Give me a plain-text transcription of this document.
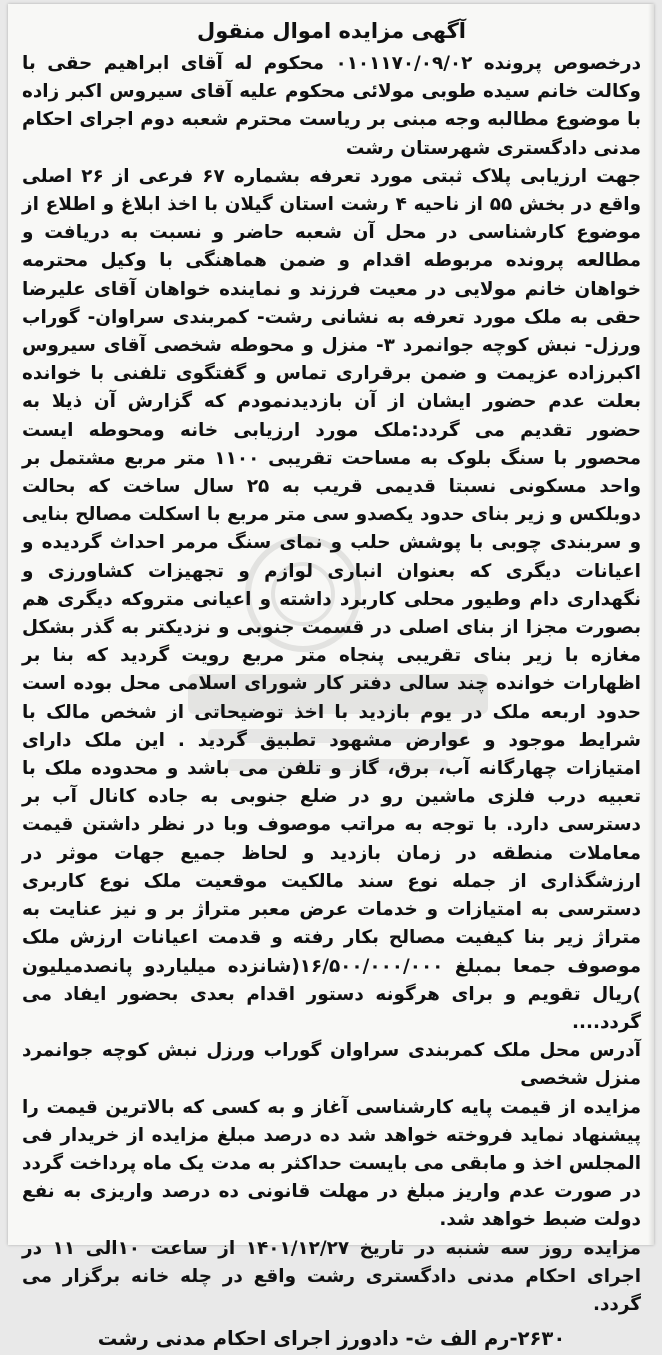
آگهی مزایده اموال منقول

درخصوص پرونده ۰۱۰۱۱۷۰/۰۹/۰۲ محکوم له آقای ابراهیم حقی با وکالت خانم سیده طوبی مولائی محکوم علیه آقای سیروس اکبر زاده با موضوع مطالبه وجه مبنی بر ریاست محترم شعبه دوم اجرای احکام مدنی دادگستری شهرستان رشت

جهت ارزیابی پلاک ثبتی مورد تعرفه بشماره ۶۷ فرعی از ۲۶ اصلی واقع در بخش ۵۵ از ناحیه ۴ رشت استان گیلان با اخذ ابلاغ و اطلاع از موضوع کارشناسی در محل آن شعبه حاضر و نسبت به دریافت و مطالعه پرونده مربوطه اقدام و ضمن هماهنگی با وکیل محترمه خواهان خانم مولایی در معیت فرزند و نماینده خواهان آقای علیرضا حقی به ملک مورد تعرفه به نشانی رشت- کمربندی سراوان- گوراب ورزل- نبش کوچه جوانمرد ۳- منزل و محوطه شخصی آقای سیروس اکبرزاده عزیمت و ضمن برقراری تماس و گفتگوی تلفنی با خوانده بعلت عدم حضور ایشان از آن بازدیدنمودم که گزارش آن ذیلا به حضور تقدیم می گردد:ملک مورد ارزیابی خانه ومحوطه ایست محصور با سنگ بلوک به مساحت تقریبی ۱۱۰۰ متر مربع مشتمل بر واحد مسکونی نسبتا قدیمی قریب به ۲۵ سال ساخت که بحالت دوبلکس و زیر بنای حدود یکصدو سی متر مربع با اسکلت مصالح بنایی و سربندی چوبی با پوشش حلب و نمای سنگ مرمر احداث گردیده و اعیانات دیگری که بعنوان انباری لوازم و تجهیزات کشاورزی و نگهداری دام وطیور محلی کاربرد داشته و اعیانی متروکه دیگری هم بصورت مجزا از بنای اصلی در قسمت جنوبی و نزدیکتر به گذر بشکل مغازه با زیر بنای تقریبی پنجاه متر مربع رویت گردید که بنا بر اظهارات خوانده چند سالی دفتر کار شورای اسلامی محل بوده است حدود اربعه ملک در یوم بازدید با اخذ توضیحاتی از شخص مالک با شرایط موجود و عوارض مشهود تطبیق گردید . این ملک دارای امتیازات چهارگانه آب، برق، گاز و تلفن می باشد و محدوده ملک با تعبیه درب فلزی ماشین رو در ضلع جنوبی به جاده کانال آب بر دسترسی دارد. با توجه به مراتب موصوف وبا در نظر داشتن قیمت معاملات منطقه در زمان بازدید و لحاظ جمیع جهات موثر در ارزشگذاری از جمله نوع سند مالکیت موقعیت ملک نوع کاربری دسترسی به امتیازات و خدمات عرض معبر متراژ بر و نیز عنایت به متراژ زیر بنا کیفیت مصالح بکار رفته و قدمت اعیانات ارزش ملک موصوف جمعا بمبلغ ۱۶/۵۰۰/۰۰۰/۰۰۰(شانزده میلیاردو پانصدمیلیون )ریال تقویم و برای هرگونه دستور اقدام بعدی بحضور ایفاد می گردد....

آدرس محل ملک کمربندی سراوان گوراب ورزل نبش کوچه جوانمرد منزل شخصی

مزایده از قیمت پایه کارشناسی آغاز و به کسی که بالاترین قیمت را پیشنهاد نماید فروخته خواهد شد ده درصد مبلغ مزایده از خریدار فی المجلس اخذ و مابقی می بایست حداکثر به مدت یک ماه پرداخت گردد در صورت عدم واریز مبلغ در مهلت قانونی ده درصد واریزی به نفع دولت ضبط خواهد شد.

مزایده روز سه شنبه در تاریخ ۱۴۰۱/۱۲/۲۷ از ساعت ۱۰الی ۱۱ در اجرای احکام مدنی دادگستری رشت واقع در چله خانه برگزار می گردد.

۲۶۳۰-رم الف ث- دادورز اجرای احکام مدنی رشت
